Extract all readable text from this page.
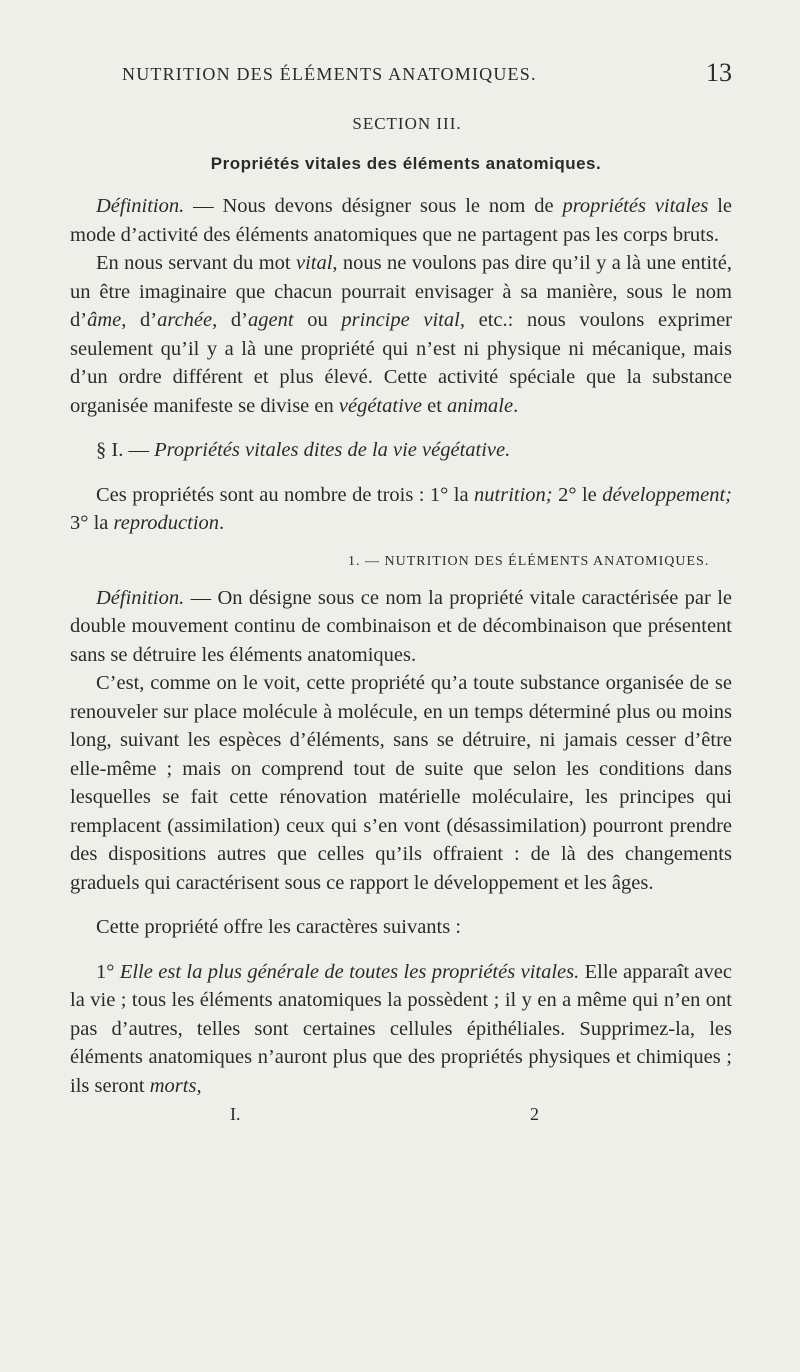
NUTRITION DES ÉLÉMENTS ANATOMIQUES.	13
SECTION III.
Propriétés vitales des éléments anatomiques.

Définition. — Nous devons désigner sous le nom de propriétés vitales le mode d’activité des éléments anatomiques que ne partagent pas les corps bruts.

En nous servant du mot vital, nous ne voulons pas dire qu’il y a là une entité, un être imaginaire que chacun pourrait envisager à sa manière, sous le nom d’âme, d’archée, d’agent ou principe vital, etc.: nous voulons exprimer seulement qu’il y a là une propriété qui n’est ni physique ni mécanique, mais d’un ordre différent et plus élevé. Cette activité spéciale que la substance organisée manifeste se divise en végétative et animale.

§ I. — Propriétés vitales dites de la vie végétative.

Ces propriétés sont au nombre de trois : 1° la nutrition; 2° le développement; 3° la reproduction.

1. — NUTRITION DES ÉLÉMENTS ANATOMIQUES.

Définition. — On désigne sous ce nom la propriété vitale caractérisée par le double mouvement continu de combinaison et de décombinaison que présentent sans se détruire les éléments anatomiques.

C’est, comme on le voit, cette propriété qu’a toute substance organisée de se renouveler sur place molécule à molécule, en un temps déterminé plus ou moins long, suivant les espèces d’éléments, sans se détruire, ni jamais cesser d’être elle-même ; mais on comprend tout de suite que selon les conditions dans lesquelles se fait cette rénovation matérielle moléculaire, les principes qui remplacent (assimilation) ceux qui s’en vont (désassimilation) pourront prendre des dispositions autres que celles qu’ils offraient : de là des changements graduels qui caractérisent sous ce rapport le développement et les âges.

Cette propriété offre les caractères suivants :

1° Elle est la plus générale de toutes les propriétés vitales. Elle apparaît avec la vie ; tous les éléments anatomiques la possèdent ; il y en a même qui n’en ont pas d’autres, telles sont certaines cellules épithéliales. Supprimez-la, les éléments anatomiques n’auront plus que des propriétés physiques et chimiques ; ils seront morts,

I.	2
